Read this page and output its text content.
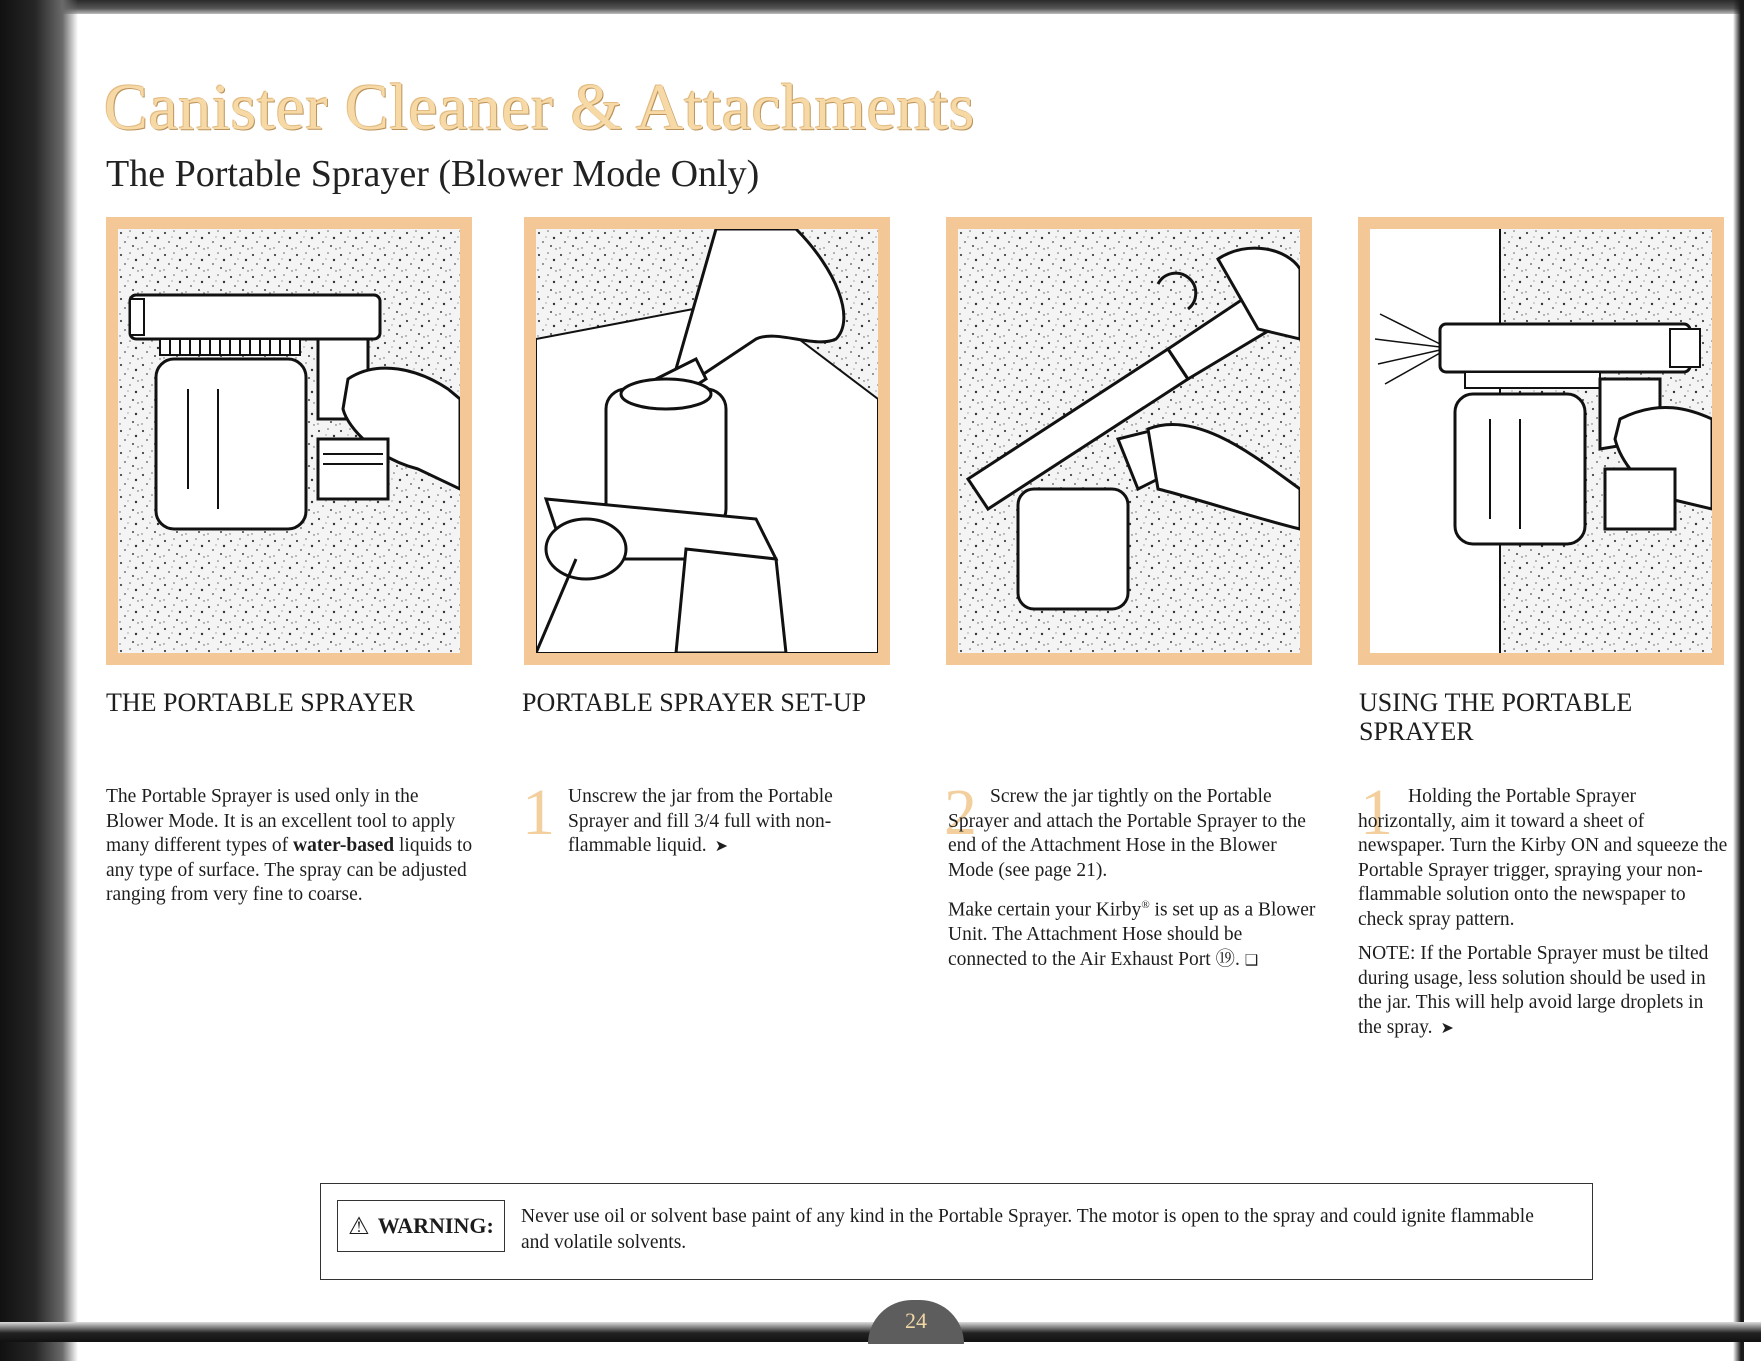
Canister Cleaner & Attachments
The Portable Sprayer (Blower Mode Only)
THE PORTABLE SPRAYER

The Portable Sprayer is used only in the Blower Mode. It is an excellent tool to apply many different types of water-based liquids to any type of surface. The spray can be adjusted ranging from very fine to coarse.

PORTABLE SPRAYER SET-UP
1 Unscrew the jar from the Portable Sprayer and fill 3/4 full with non-flammable liquid. ➤	2 Screw the jar tightly on the Portable Sprayer and attach the Portable Sprayer to the end of the Attachment Hose in the Blower Mode (see page 21).

Make certain your Kirby® is set up as a Blower Unit. The Attachment Hose should be connected to the Air Exhaust Port ⑲. ❑

USING THE PORTABLE SPRAYER
1 Holding the Portable Sprayer horizontally, aim it toward a sheet of newspaper. Turn the Kirby ON and squeeze the Portable Sprayer trigger, spraying your non-flammable solution onto the newspaper to check spray pattern.

NOTE: If the Portable Sprayer must be tilted during usage, less solution should be used in the jar. This will help avoid large droplets in the spray. ➤

⚠ WARNING: Never use oil or solvent base paint of any kind in the Portable Sprayer. The motor is open to the spray and could ignite flammable and volatile solvents.
24
